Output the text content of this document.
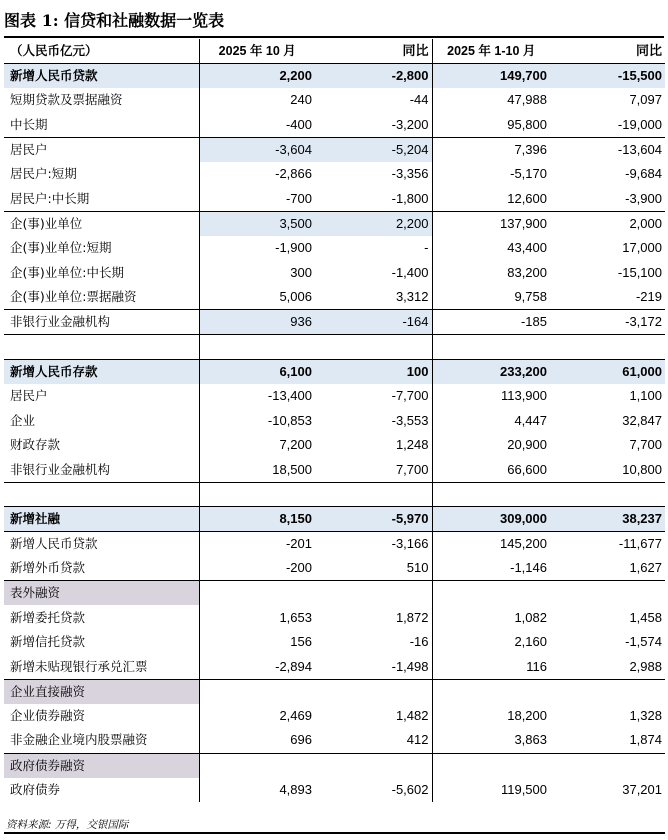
图表 1: 信贷和社融数据一览表
（人民币亿元）	2025 年 10 月	同比	2025 年 1-10 月	同比
新增人民币贷款	2,200	-2,800	149,700	-15,500
短期贷款及票据融资	240	-44	47,988	7,097
中长期	-400	-3,200	95,800	-19,000
居民户	-3,604	-5,204	7,396	-13,604
居民户:短期	-2,866	-3,356	-5,170	-9,684
居民户:中长期	-700	-1,800	12,600	-3,900
企(事)业单位	3,500	2,200	137,900	2,000
企(事)业单位:短期	-1,900	-	43,400	17,000
企(事)业单位:中长期	300	-1,400	83,200	-15,100
企(事)业单位:票据融资	5,006	3,312	9,758	-219
非银行业金融机构	936	-164	-185	-3,172

新增人民币存款	6,100	100	233,200	61,000
居民户	-13,400	-7,700	113,900	1,100
企业	-10,853	-3,553	4,447	32,847
财政存款	7,200	1,248	20,900	7,700
非银行业金融机构	18,500	7,700	66,600	10,800

新增社融	8,150	-5,970	309,000	38,237
新增人民币贷款	-201	-3,166	145,200	-11,677
新增外币贷款	-200	510	-1,146	1,627
表外融资				
新增委托贷款	1,653	1,872	1,082	1,458
新增信托贷款	156	-16	2,160	-1,574
新增未贴现银行承兑汇票	-2,894	-1,498	116	2,988
企业直接融资				
企业债券融资	2,469	1,482	18,200	1,328
非金融企业境内股票融资	696	412	3,863	1,874
政府债券融资				
政府债券	4,893	-5,602	119,500	37,201
资料来源: 万得，交银国际
